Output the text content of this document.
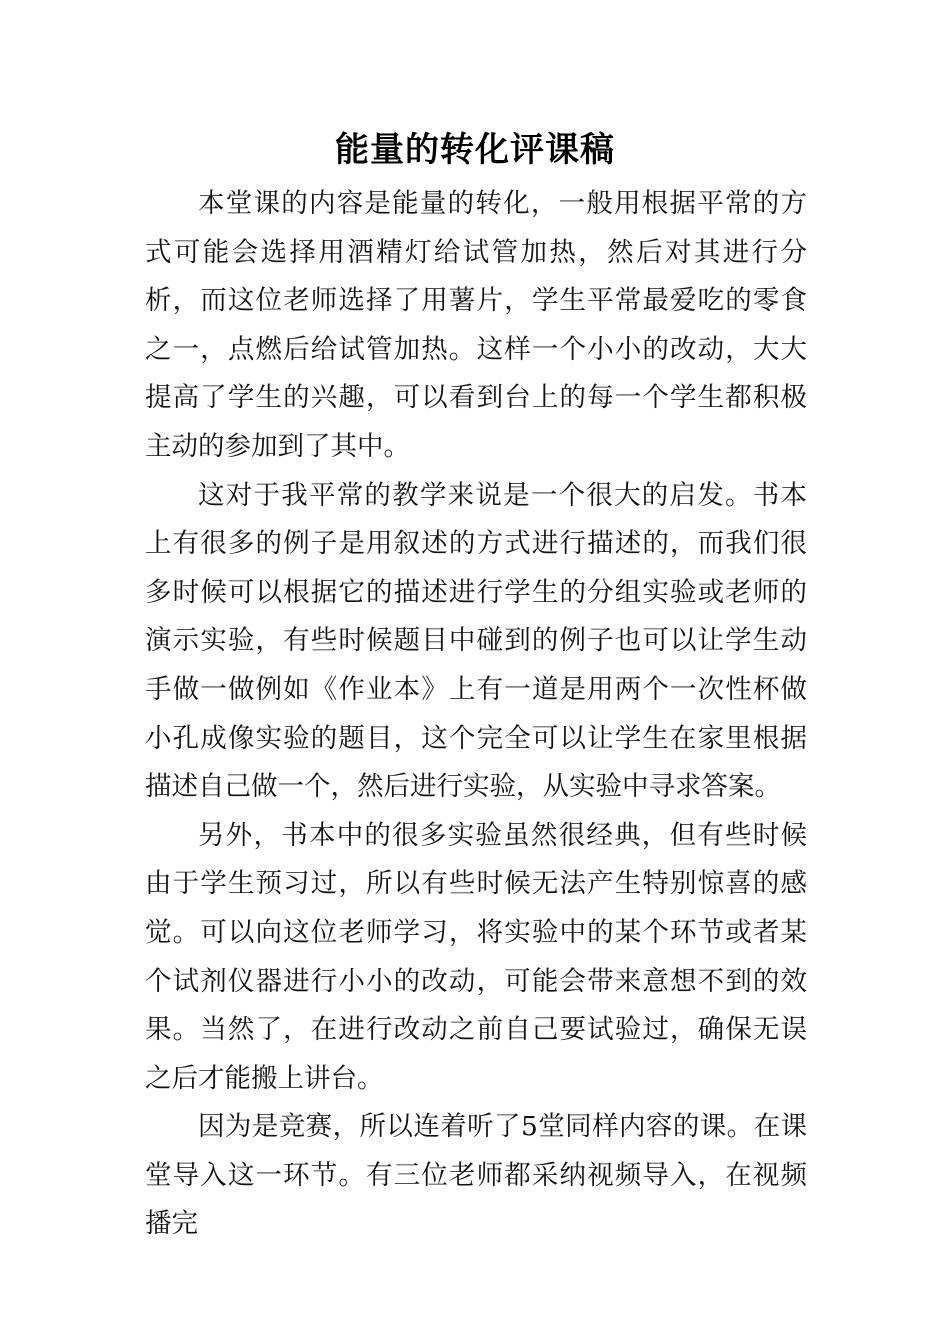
能量的转化评课稿

本堂课的内容是能量的转化，一般用根据平常的方式可能会选择用酒精灯给试管加热，然后对其进行分析，而这位老师选择了用薯片，学生平常最爱吃的零食之一，点燃后给试管加热。这样一个小小的改动，大大提高了学生的兴趣，可以看到台上的每一个学生都积极主动的参加到了其中。

这对于我平常的教学来说是一个很大的启发。书本上有很多的例子是用叙述的方式进行描述的，而我们很多时候可以根据它的描述进行学生的分组实验或老师的演示实验，有些时候题目中碰到的例子也可以让学生动手做一做例如《作业本》上有一道是用两个一次性杯做小孔成像实验的题目，这个完全可以让学生在家里根据描述自己做一个，然后进行实验，从实验中寻求答案。

另外，书本中的很多实验虽然很经典，但有些时候由于学生预习过，所以有些时候无法产生特别惊喜的感觉。可以向这位老师学习，将实验中的某个环节或者某个试剂仪器进行小小的改动，可能会带来意想不到的效果。当然了，在进行改动之前自己要试验过，确保无误之后才能搬上讲台。

因为是竞赛，所以连着听了5堂同样内容的课。在课堂导入这一环节。有三位老师都采纳视频导入，在视频播完
